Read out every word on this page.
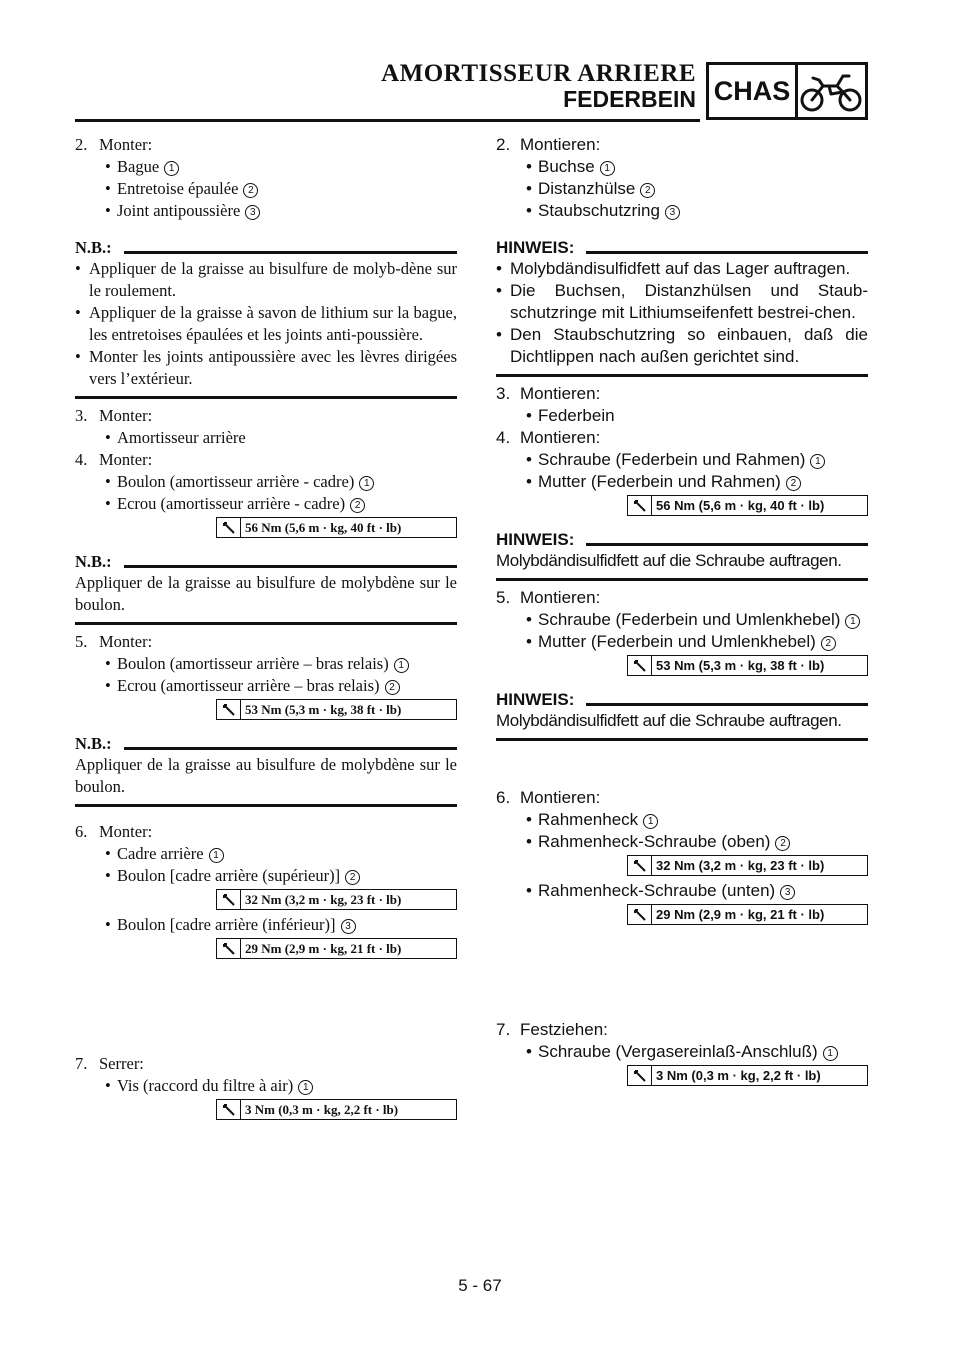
AMORTISSEUR ARRIERE
FEDERBEIN CHAS
2. Monter:
• Bague 1
• Entretoise épaulée 2
• Joint antipoussière 3
N.B.:
• Appliquer de la graisse au bisulfure de molyb-dène sur le roulement.
• Appliquer de la graisse à savon de lithium sur la bague, les entretoises épaulées et les joints anti-poussière.
• Monter les joints antipoussière avec les lèvres dirigées vers l’extérieur.
3. Monter:
• Amortisseur arrière
4. Monter:
• Boulon (amortisseur arrière - cadre) 1
• Ecrou (amortisseur arrière - cadre) 2
56 Nm (5,6 m · kg, 40 ft · lb)
N.B.:
Appliquer de la graisse au bisulfure de molybdène sur le boulon.
5. Monter:
• Boulon (amortisseur arrière – bras relais) 1
• Ecrou (amortisseur arrière – bras relais) 2
53 Nm (5,3 m · kg, 38 ft · lb)
N.B.:
Appliquer de la graisse au bisulfure de molybdène sur le boulon.
6. Monter:
• Cadre arrière 1
• Boulon [cadre arrière (supérieur)] 2
32 Nm (3,2 m · kg, 23 ft · lb)
• Boulon [cadre arrière (inférieur)] 3
29 Nm (2,9 m · kg, 21 ft · lb)
7. Serrer:
• Vis (raccord du filtre à air) 1
3 Nm (0,3 m · kg, 2,2 ft · lb)
2. Montieren:
• Buchse 1
• Distanzhülse 2
• Staubschutzring 3
HINWEIS:
• Molybdändisulfidfett auf das Lager auftragen.
• Die Buchsen, Distanzhülsen und Staub-schutzringe mit Lithiumseifenfett bestrei-chen.
• Den Staubschutzring so einbauen, daß die Dichtlippen nach außen gerichtet sind.
3. Montieren:
• Federbein
4. Montieren:
• Schraube (Federbein und Rahmen) 1
• Mutter (Federbein und Rahmen) 2
56 Nm (5,6 m · kg, 40 ft · lb)
HINWEIS:
Molybdändisulfidfett auf die Schraube auftragen.
5. Montieren:
• Schraube (Federbein und Umlenkhebel) 1
• Mutter (Federbein und Umlenkhebel) 2
53 Nm (5,3 m · kg, 38 ft · lb)
HINWEIS:
Molybdändisulfidfett auf die Schraube auftragen.
6. Montieren:
• Rahmenheck 1
• Rahmenheck-Schraube (oben) 2
32 Nm (3,2 m · kg, 23 ft · lb)
• Rahmenheck-Schraube (unten) 3
29 Nm (2,9 m · kg, 21 ft · lb)
7. Festziehen:
• Schraube (Vergasereinlaß-Anschluß) 1
3 Nm (0,3 m · kg, 2,2 ft · lb)
5 - 67
